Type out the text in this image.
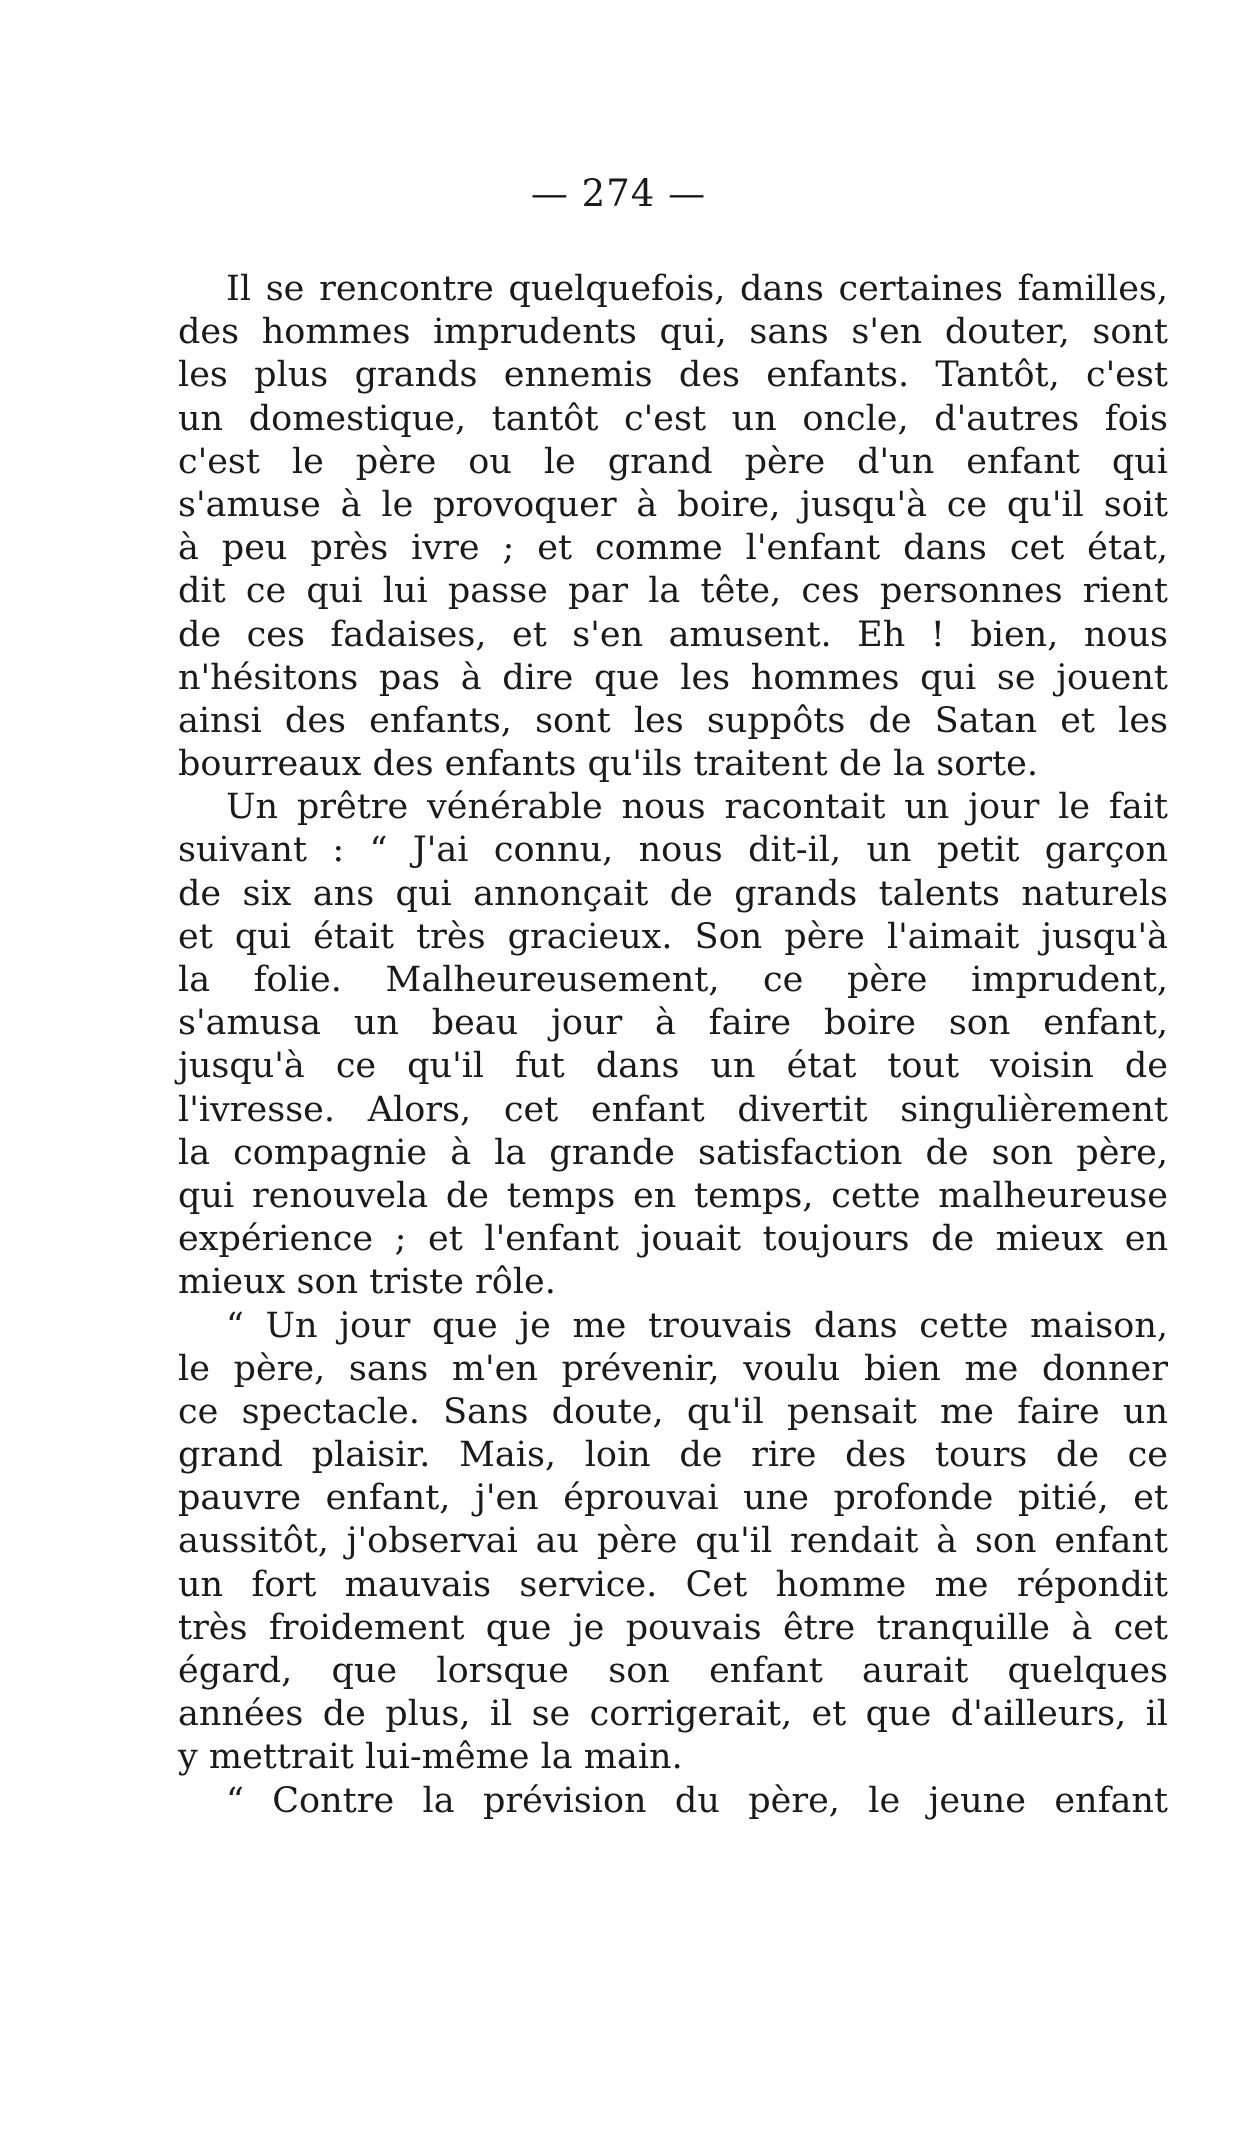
— 274 —
Il se rencontre quelquefois, dans certaines familles,
des hommes imprudents qui, sans s'en douter, sont
les plus grands ennemis des enfants. Tantôt, c'est
un domestique, tantôt c'est un oncle, d'autres fois
c'est le père ou le grand père d'un enfant qui
s'amuse à le provoquer à boire, jusqu'à ce qu'il soit
à peu près ivre ; et comme l'enfant dans cet état,
dit ce qui lui passe par la tête, ces personnes rient
de ces fadaises, et s'en amusent. Eh ! bien, nous
n'hésitons pas à dire que les hommes qui se jouent
ainsi des enfants, sont les suppôts de Satan et les
bourreaux des enfants qu'ils traitent de la sorte.
Un prêtre vénérable nous racontait un jour le fait
suivant : “ J'ai connu, nous dit-il, un petit garçon
de six ans qui annonçait de grands talents naturels
et qui était très gracieux. Son père l'aimait jusqu'à
la folie. Malheureusement, ce père imprudent,
s'amusa un beau jour à faire boire son enfant,
jusqu'à ce qu'il fut dans un état tout voisin de
l'ivresse. Alors, cet enfant divertit singulièrement
la compagnie à la grande satisfaction de son père,
qui renouvela de temps en temps, cette malheureuse
expérience ; et l'enfant jouait toujours de mieux en
mieux son triste rôle.
“ Un jour que je me trouvais dans cette maison,
le père, sans m'en prévenir, voulu bien me donner
ce spectacle. Sans doute, qu'il pensait me faire un
grand plaisir. Mais, loin de rire des tours de ce
pauvre enfant, j'en éprouvai une profonde pitié, et
aussitôt, j'observai au père qu'il rendait à son enfant
un fort mauvais service. Cet homme me répondit
très froidement que je pouvais être tranquille à cet
égard, que lorsque son enfant aurait quelques
années de plus, il se corrigerait, et que d'ailleurs, il
y mettrait lui-même la main.
“ Contre la prévision du père, le jeune enfant
